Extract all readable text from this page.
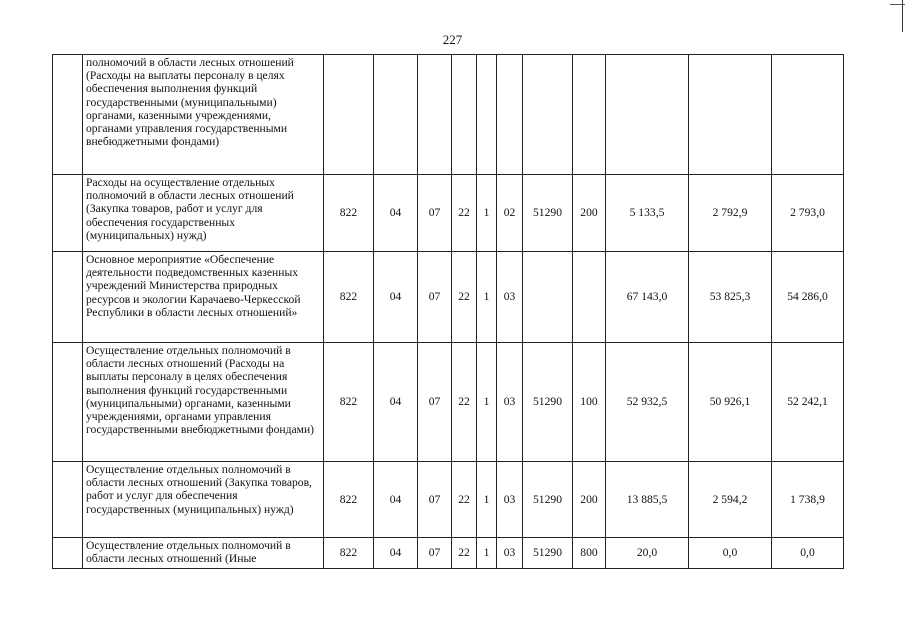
227
	полномочий в области лесных отношений (Расходы на выплаты персоналу в целях обеспечения выполнения функций государственными (муниципальными) органами, казенными учреждениями, органами управления государственными внебюджетными фондами)											
	Расходы на осуществление отдельных полномочий в области лесных отношений (Закупка товаров, работ и услуг для обеспечения государственных (муниципальных) нужд)	822	04	07	22	1	02	51290	200	5 133,5	2 792,9	2 793,0
	Основное мероприятие «Обеспечение деятельности подведомственных казенных учреждений Министерства природных ресурсов и экологии Карачаево-Черкесской Республики в области лесных отношений»	822	04	07	22	1	03			67 143,0	53 825,3	54 286,0
	Осуществление отдельных полномочий в области лесных отношений (Расходы на выплаты персоналу в целях обеспечения выполнения функций государственными (муниципальными) органами, казенными учреждениями, органами управления государственными внебюджетными фондами)	822	04	07	22	1	03	51290	100	52 932,5	50 926,1	52 242,1
	Осуществление отдельных полномочий в области лесных отношений (Закупка товаров, работ и услуг для обеспечения государственных (муниципальных) нужд)	822	04	07	22	1	03	51290	200	13 885,5	2 594,2	1 738,9
	Осуществление отдельных полномочий в области лесных отношений (Иные	822	04	07	22	1	03	51290	800	20,0	0,0	0,0
